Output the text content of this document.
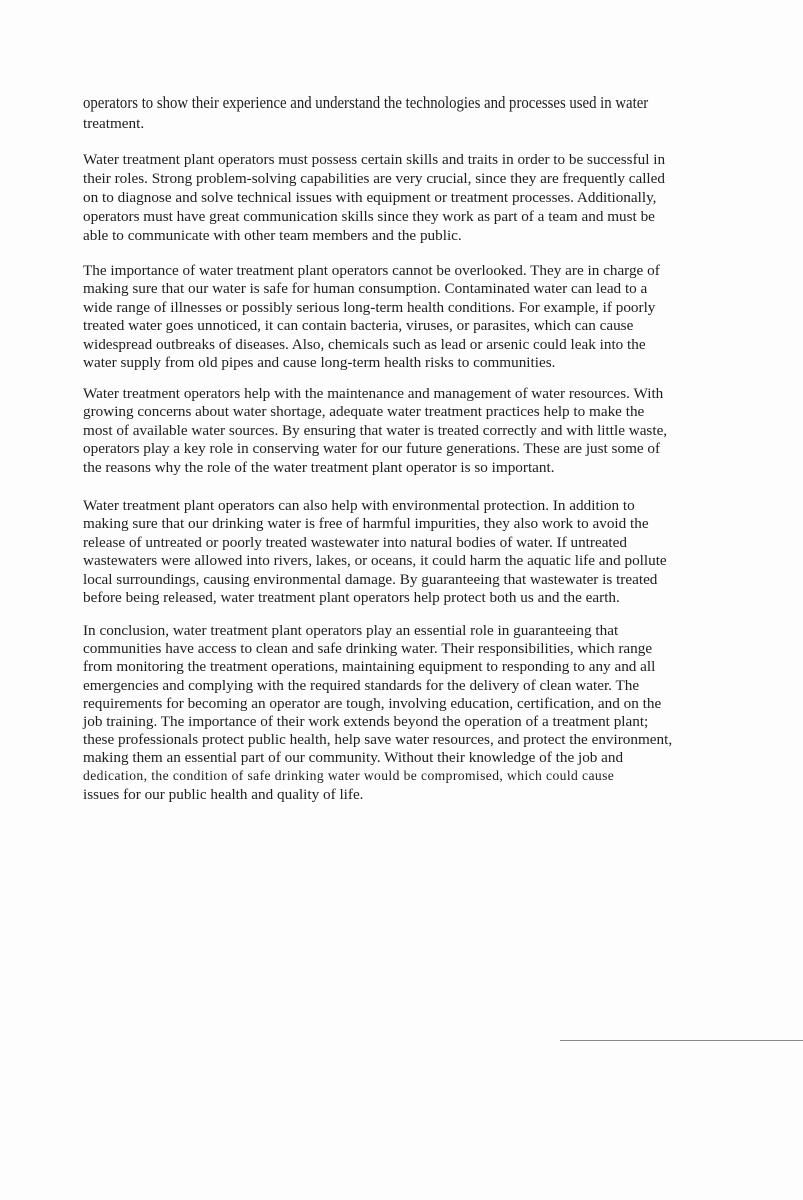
operators to show their experience and understand the technologies and processes used in water
treatment.
Water treatment plant operators must possess certain skills and traits in order to be successful in
their roles. Strong problem-solving capabilities are very crucial, since they are frequently called
on to diagnose and solve technical issues with equipment or treatment processes. Additionally,
operators must have great communication skills since they work as part of a team and must be
able to communicate with other team members and the public.
The importance of water treatment plant operators cannot be overlooked. They are in charge of
making sure that our water is safe for human consumption. Contaminated water can lead to a
wide range of illnesses or possibly serious long-term health conditions. For example, if poorly
treated water goes unnoticed, it can contain bacteria, viruses, or parasites, which can cause
widespread outbreaks of diseases. Also, chemicals such as lead or arsenic could leak into the
water supply from old pipes and cause long-term health risks to communities.
Water treatment operators help with the maintenance and management of water resources. With
growing concerns about water shortage, adequate water treatment practices help to make the
most of available water sources. By ensuring that water is treated correctly and with little waste,
operators play a key role in conserving water for our future generations. These are just some of
the reasons why the role of the water treatment plant operator is so important.
Water treatment plant operators can also help with environmental protection. In addition to
making sure that our drinking water is free of harmful impurities, they also work to avoid the
release of untreated or poorly treated wastewater into natural bodies of water. If untreated
wastewaters were allowed into rivers, lakes, or oceans, it could harm the aquatic life and pollute
local surroundings, causing environmental damage. By guaranteeing that wastewater is treated
before being released, water treatment plant operators help protect both us and the earth.
In conclusion, water treatment plant operators play an essential role in guaranteeing that
communities have access to clean and safe drinking water. Their responsibilities, which range
from monitoring the treatment operations, maintaining equipment to responding to any and all
emergencies and complying with the required standards for the delivery of clean water. The
requirements for becoming an operator are tough, involving education, certification, and on the
job training. The importance of their work extends beyond the operation of a treatment plant;
these professionals protect public health, help save water resources, and protect the environment,
making them an essential part of our community. Without their knowledge of the job and
dedication, the condition of safe drinking water would be compromised, which could cause
issues for our public health and quality of life.
